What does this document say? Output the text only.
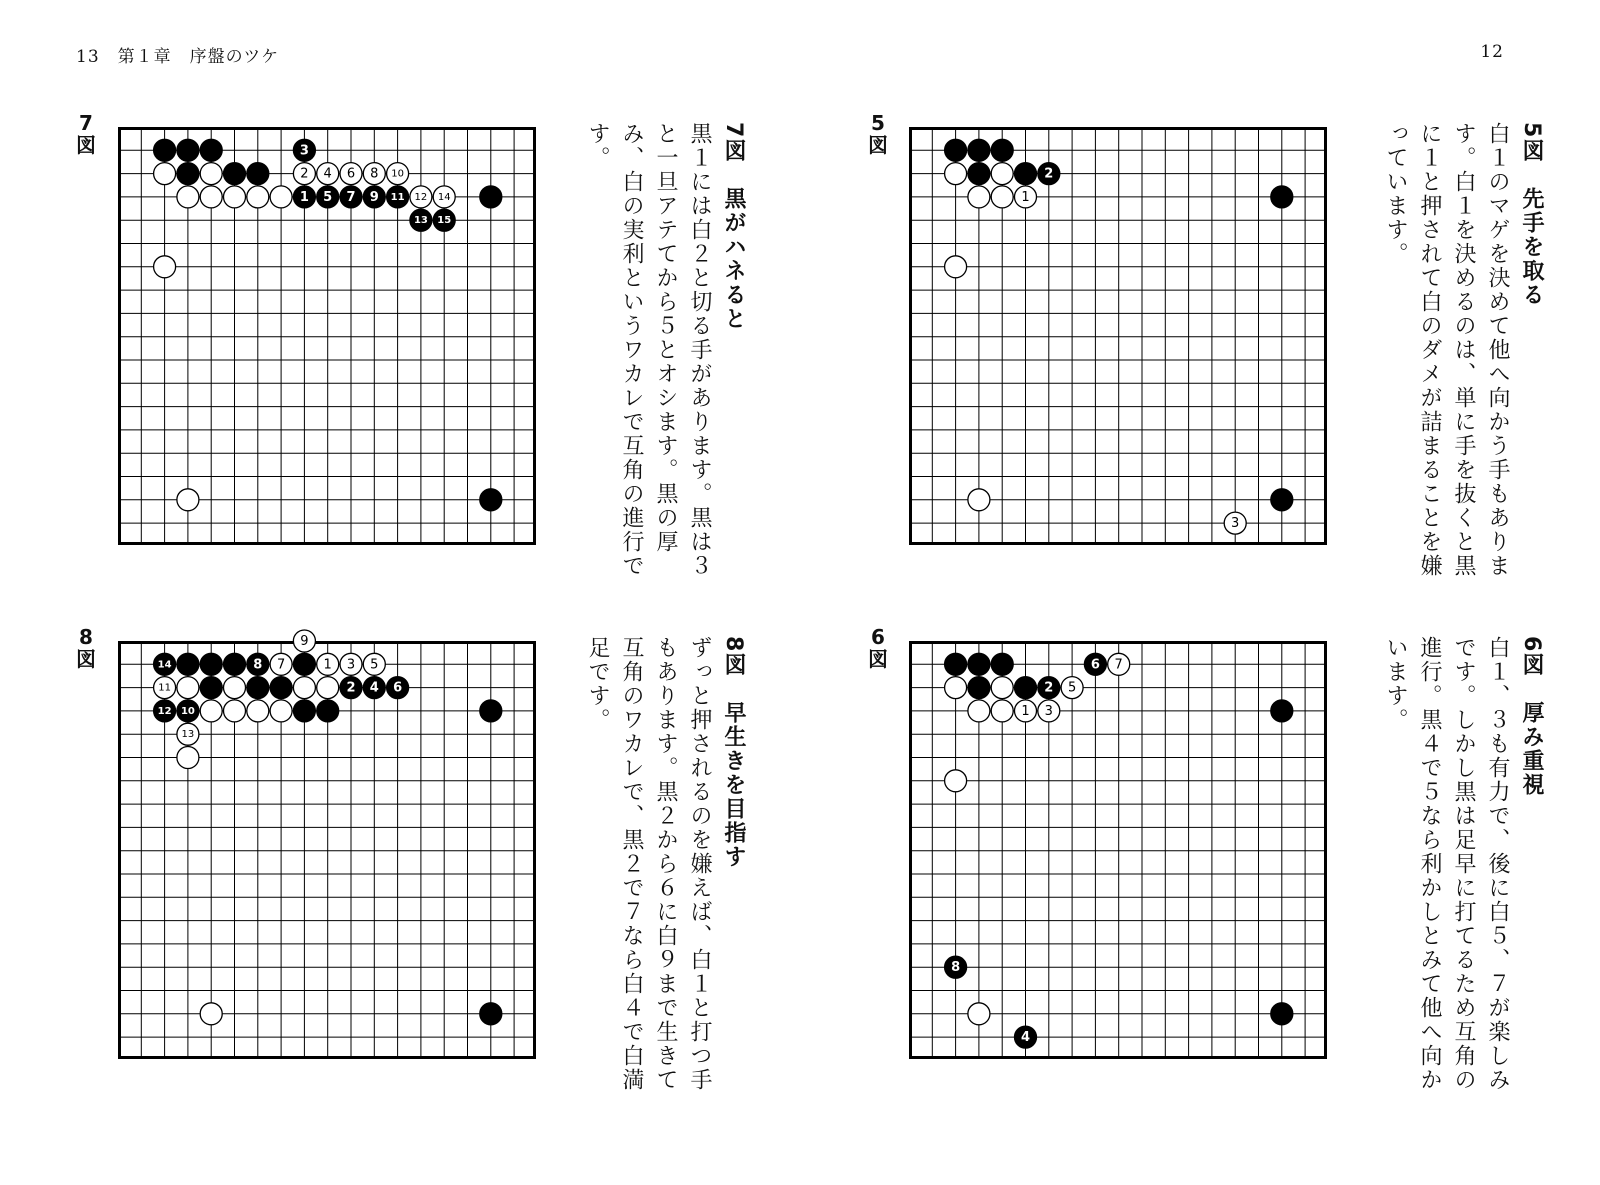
13　第１章　序盤のツケ	12
7図	3
2 4 6 8 10
1 5 7 9 11 12 14
13 15	7図　黒がハネると
黒１には白２と切る手があります。黒は３と一旦アテてから５とオシます。黒の厚み、白の実利というワカレで互角の進行です。	5図
2
1
3
5図　先手を取る
白１のマゲを決めて他へ向かう手もあります。白１を決めるのは、単に手を抜くと黒に１と押されて白のダメが詰まることを嫌っています。
8図
9
14	8 7	1 3 5
11	2 4 6
12 10
13	8図　早生きを目指す
ずっと押されるのを嫌えば、白１と打つ手もあります。黒２から６に白９まで生きて互角のワカレで、黒２で７なら白４で白満足です。	6図	6 7
2 5
1 3
8
4
6図　厚み重視
白１、３も有力で、後に白５、７が楽しみです。しかし黒は足早に打てるため互角の進行。黒４で５なら利かしとみて他へ向かいます。
